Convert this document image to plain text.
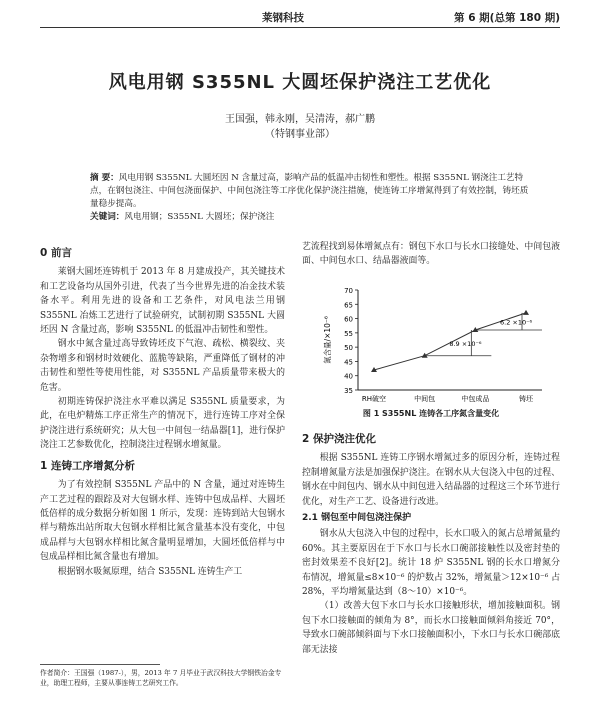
莱钢科技	第 6 期(总第 180 期)
风电用钢 S355NL 大圆坯保护浇注工艺优化
王国强，韩永刚，吴清涛，郝广鹏
（特钢事业部）
摘 要：风电用钢 S355NL 大圆坯因 N 含量过高，影响产品的低温冲击韧性和塑性。根据 S355NL 钢浇注工艺特点，在钢包浇注、中间包浇面保护、中间包浇注等工序优化保护浇注措施，使连铸工序增氮得到了有效控制，铸坯质量稳步提高。
关键词：风电用钢；S355NL 大圆坯；保护浇注
0 前言

莱钢大圆坯连铸机于 2013 年 8 月建成投产，其关键技术和工艺设备均从国外引进，代表了当今世界先进的冶金技术装备水平。利用先进的设备和工艺条件，对风电法兰用钢 S355NL 冶炼工艺进行了试验研究，试制初期 S355NL 大圆坯因 N 含量过高，影响 S355NL 的低温冲击韧性和塑性。

钢水中氮含量过高导致铸坯皮下气泡、疏松、横裂纹、夹杂物增多和钢材时效硬化、蓝脆等缺陷，严重降低了钢材的冲击韧性和塑性等使用性能，对 S355NL 产品质量带来极大的危害。

初期连铸保护浇注水平难以满足 S355NL 质量要求，为此，在电炉精炼工序正常生产的情况下，进行连铸工序对全保护浇注进行系统研究；从大包一中间包一结晶器[1]，进行保护浇注工艺参数优化，控制浇注过程钢水增氮量。

1 连铸工序增氮分析

为了有效控制 S355NL 产品中的 N 含量，通过对连铸生产工艺过程的跟踪及对大包钢水样、连铸中包成品样、大圆坯低倍样的成分数据分析如图 1 所示，发现：连铸到站大包钢水样与精炼出站所取大包钢水样相比氮含量基本没有变化，中包成品样与大包钢水样相比氮含量明显增加，大圆坯低倍样与中包成品样相比氮含量也有增加。

根据钢水吸氮原理，结合 S355NL 连铸生产工

作者简介：王国强（1987-），男，2013 年 7 月毕业于武汉科技大学钢铁冶金专业，助理工程师，主要从事连铸工艺研究工作。

艺流程找到易体增氮点有：钢包下水口与长水口接缝处、中间包液面、中间包水口、结晶器液面等。

35
40
45
50
55
60
65
70
氮含量/×10⁻⁶
RH破空	中间包	中包成品	铸坯
8.9 ×10⁻⁶
6.2 ×10⁻⁶
图 1 S355NL 连铸各工序氮含量变化
2 保护浇注优化

根据 S355NL 连铸工序钢水增氮过多的原因分析，连铸过程控制增氮量方法是加强保护浇注。在钢水从大包浇入中包的过程、钢水在中间包内、钢水从中间包进入结晶器的过程这三个环节进行优化，对生产工艺、设备进行改进。

2.1 钢包至中间包浇注保护

钢水从大包浇入中包的过程中，长水口吸入的氮占总增氮量约 60%。其主要原因在于下水口与长水口碗部接触性以及密封垫的密封效果差不良好[2]。统计 18 炉 S355NL 钢的长水口增氮分布情况，增氮量≤8×10⁻⁶ 的炉数占 32%，增氮量＞12×10⁻⁶ 占 28%，平均增氮量达到（8～10）×10⁻⁶。

（1）改善大包下水口与长水口接触形状，增加接触面积。钢包下水口接触面的倾角为 8°，而长水口接触面倾斜角接近 70°，导致水口碗部倾斜面与下水口接触面积小，下水口与长水口碗部底部无法接
